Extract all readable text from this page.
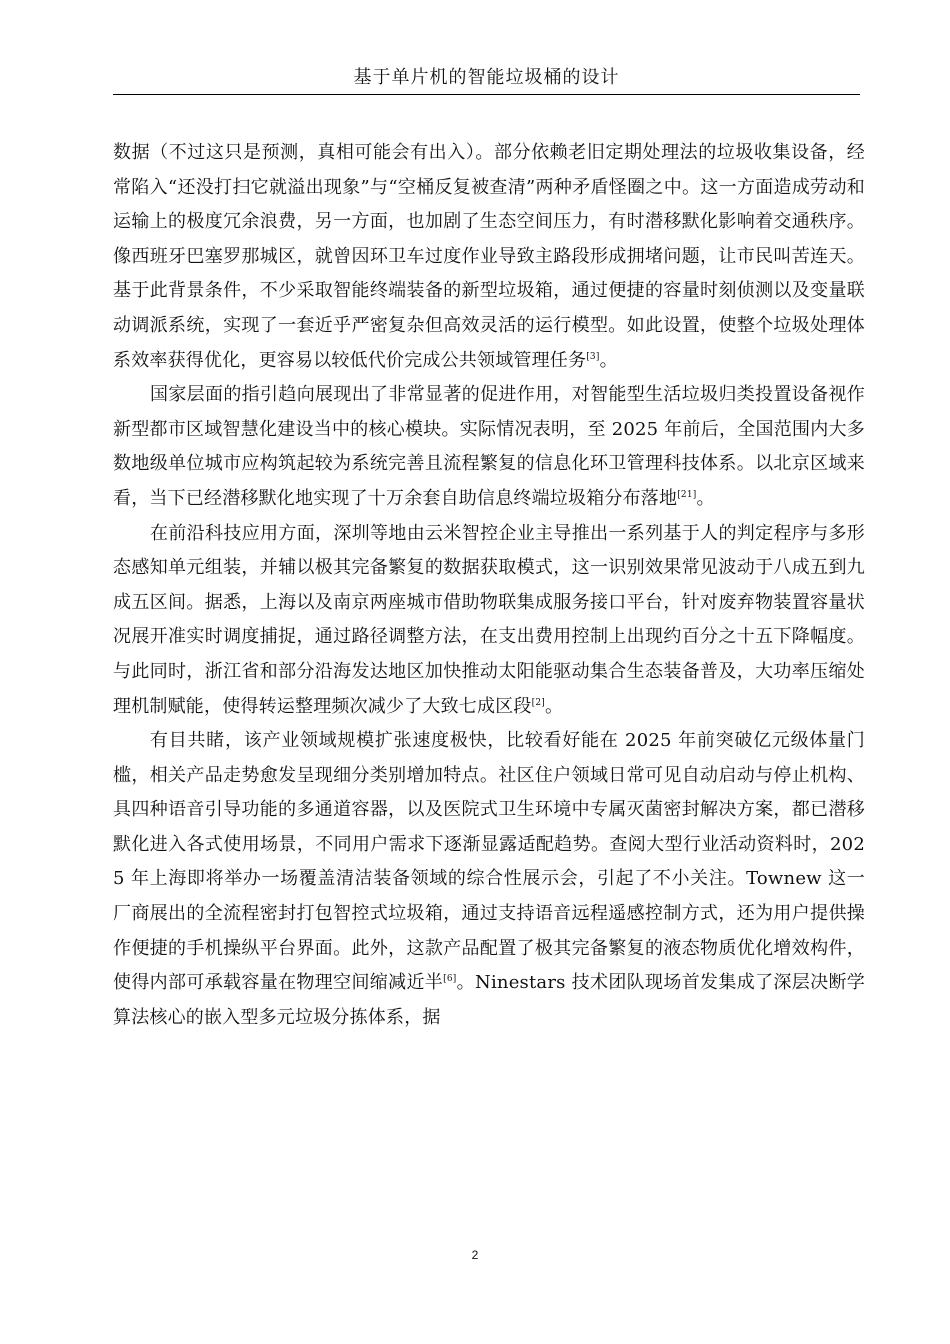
基于单片机的智能垃圾桶的设计

数据（不过这只是预测，真相可能会有出入）。部分依赖老旧定期处理法的垃圾收集设备，经常陷入“还没打扫它就溢出现象”与“空桶反复被查清”两种矛盾怪圈之中。这一方面造成劳动和运输上的极度冗余浪费，另一方面，也加剧了生态空间压力，有时潜移默化影响着交通秩序。像西班牙巴塞罗那城区，就曾因环卫车过度作业导致主路段形成拥堵问题，让市民叫苦连天。基于此背景条件，不少采取智能终端装备的新型垃圾箱，通过便捷的容量时刻侦测以及变量联动调派系统，实现了一套近乎严密复杂但高效灵活的运行模型。如此设置，使整个垃圾处理体系效率获得优化，更容易以较低代价完成公共领域管理任务[3]。

国家层面的指引趋向展现出了非常显著的促进作用，对智能型生活垃圾归类投置设备视作新型都市区域智慧化建设当中的核心模块。实际情况表明，至 2025 年前后，全国范围内大多数地级单位城市应构筑起较为系统完善且流程繁复的信息化环卫管理科技体系。以北京区域来看，当下已经潜移默化地实现了十万余套自助信息终端垃圾箱分布落地[21]。

在前沿科技应用方面，深圳等地由云米智控企业主导推出一系列基于人的判定程序与多形态感知单元组装，并辅以极其完备繁复的数据获取模式，这一识别效果常见波动于八成五到九成五区间。据悉，上海以及南京两座城市借助物联集成服务接口平台，针对废弃物装置容量状况展开准实时调度捕捉，通过路径调整方法，在支出费用控制上出现约百分之十五下降幅度。与此同时，浙江省和部分沿海发达地区加快推动太阳能驱动集合生态装备普及，大功率压缩处理机制赋能，使得转运整理频次减少了大致七成区段[2]。

有目共睹，该产业领域规模扩张速度极快，比较看好能在 2025 年前突破亿元级体量门槛，相关产品走势愈发呈现细分类别增加特点。社区住户领域日常可见自动启动与停止机构、具四种语音引导功能的多通道容器，以及医院式卫生环境中专属灭菌密封解决方案，都已潜移默化进入各式使用场景，不同用户需求下逐渐显露适配趋势。查阅大型行业活动资料时，2025 年上海即将举办一场覆盖清洁装备领域的综合性展示会，引起了不小关注。Townew 这一厂商展出的全流程密封打包智控式垃圾箱，通过支持语音远程遥感控制方式，还为用户提供操作便捷的手机操纵平台界面。此外，这款产品配置了极其完备繁复的液态物质优化增效构件，使得内部可承载容量在物理空间缩减近半[6]。Ninestars 技术团队现场首发集成了深层决断学算法核心的嵌入型多元垃圾分拣体系，据

2
